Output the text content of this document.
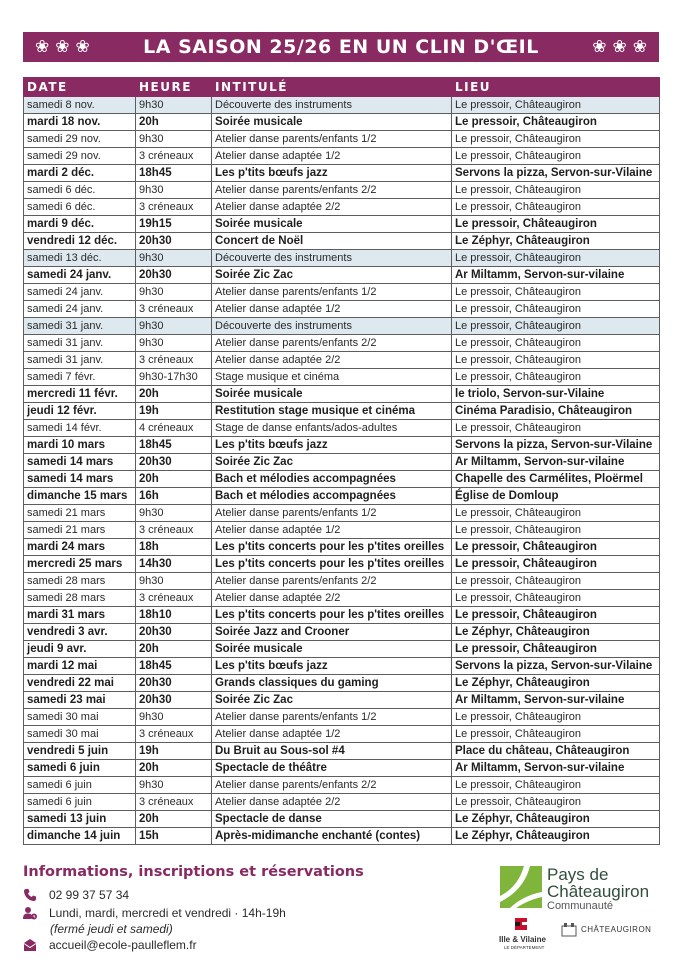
❀❀❀ LA SAISON 25/26 EN UN CLIN D'ŒIL	❀❀❀
DATE	HEURE	INTITULÉ	LIEU
samedi 8 nov.	9h30	Découverte des instruments	Le pressoir, Châteaugiron
mardi 18 nov.	20h	Soirée musicale	Le pressoir, Châteaugiron
samedi 29 nov.	9h30	Atelier danse parents/enfants 1/2	Le pressoir, Châteaugiron
samedi 29 nov.	3 créneaux	Atelier danse adaptée 1/2	Le pressoir, Châteaugiron
mardi 2 déc.	18h45	Les p'tits bœufs jazz	Servons la pizza, Servon-sur-Vilaine
samedi 6 déc.	9h30	Atelier danse parents/enfants 2/2	Le pressoir, Châteaugiron
samedi 6 déc.	3 créneaux	Atelier danse adaptée 2/2	Le pressoir, Châteaugiron
mardi 9 déc.	19h15	Soirée musicale	Le pressoir, Châteaugiron
vendredi 12 déc.	20h30	Concert de Noël	Le Zéphyr, Châteaugiron
samedi 13 déc.	9h30	Découverte des instruments	Le pressoir, Châteaugiron
samedi 24 janv.	20h30	Soirée Zic Zac	Ar Miltamm, Servon-sur-vilaine
samedi 24 janv.	9h30	Atelier danse parents/enfants 1/2	Le pressoir, Châteaugiron
samedi 24 janv.	3 créneaux	Atelier danse adaptée 1/2	Le pressoir, Châteaugiron
samedi 31 janv.	9h30	Découverte des instruments	Le pressoir, Châteaugiron
samedi 31 janv.	9h30	Atelier danse parents/enfants 2/2	Le pressoir, Châteaugiron
samedi 31 janv.	3 créneaux	Atelier danse adaptée 2/2	Le pressoir, Châteaugiron
samedi 7 févr.	9h30-17h30	Stage musique et cinéma	Le pressoir, Châteaugiron
mercredi 11 févr.	20h	Soirée musicale	le triolo, Servon-sur-Vilaine
jeudi 12 févr.	19h	Restitution stage musique et cinéma	Cinéma Paradisio, Châteaugiron
samedi 14 févr.	4 créneaux	Stage de danse enfants/ados-adultes	Le pressoir, Châteaugiron
mardi 10 mars	18h45	Les p'tits bœufs jazz	Servons la pizza, Servon-sur-Vilaine
samedi 14 mars	20h30	Soirée Zic Zac	Ar Miltamm, Servon-sur-vilaine
samedi 14 mars	20h	Bach et mélodies accompagnées	Chapelle des Carmélites, Ploërmel
dimanche 15 mars	16h	Bach et mélodies accompagnées	Église de Domloup
samedi 21 mars	9h30	Atelier danse parents/enfants 1/2	Le pressoir, Châteaugiron
samedi 21 mars	3 créneaux	Atelier danse adaptée 1/2	Le pressoir, Châteaugiron
mardi 24 mars	18h	Les p'tits concerts pour les p'tites oreilles	Le pressoir, Châteaugiron
mercredi 25 mars	14h30	Les p'tits concerts pour les p'tites oreilles	Le pressoir, Châteaugiron
samedi 28 mars	9h30	Atelier danse parents/enfants 2/2	Le pressoir, Châteaugiron
samedi 28 mars	3 créneaux	Atelier danse adaptée 2/2	Le pressoir, Châteaugiron
mardi 31 mars	18h10	Les p'tits concerts pour les p'tites oreilles	Le pressoir, Châteaugiron
vendredi 3 avr.	20h30	Soirée Jazz and Crooner	Le Zéphyr, Châteaugiron
jeudi 9 avr.	20h	Soirée musicale	Le pressoir, Châteaugiron
mardi 12 mai	18h45	Les p'tits bœufs jazz	Servons la pizza, Servon-sur-Vilaine
vendredi 22 mai	20h30	Grands classiques du gaming	Le Zéphyr, Châteaugiron
samedi 23 mai	20h30	Soirée Zic Zac	Ar Miltamm, Servon-sur-vilaine
samedi 30 mai	9h30	Atelier danse parents/enfants 1/2	Le pressoir, Châteaugiron
samedi 30 mai	3 créneaux	Atelier danse adaptée 1/2	Le pressoir, Châteaugiron
vendredi 5 juin	19h	Du Bruit au Sous-sol #4	Place du château, Châteaugiron
samedi 6 juin	20h	Spectacle de théâtre	Ar Miltamm, Servon-sur-vilaine
samedi 6 juin	9h30	Atelier danse parents/enfants 2/2	Le pressoir, Châteaugiron
samedi 6 juin	3 créneaux	Atelier danse adaptée 2/2	Le pressoir, Châteaugiron
samedi 13 juin	20h	Spectacle de danse	Le Zéphyr, Châteaugiron
dimanche 14 juin	15h	Après-midimanche enchanté (contes)	Le Zéphyr, Châteaugiron
Informations, inscriptions et réservations
02 99 37 57 34
Lundi, mardi, mercredi et vendredi · 14h-19h
(fermé jeudi et samedi)
accueil@ecole-paulleflem.fr
Pays de
Châteaugiron
Communauté
Ille & Vilaine
LE DÉPARTEMENT
CHÂTEAUGIRON
